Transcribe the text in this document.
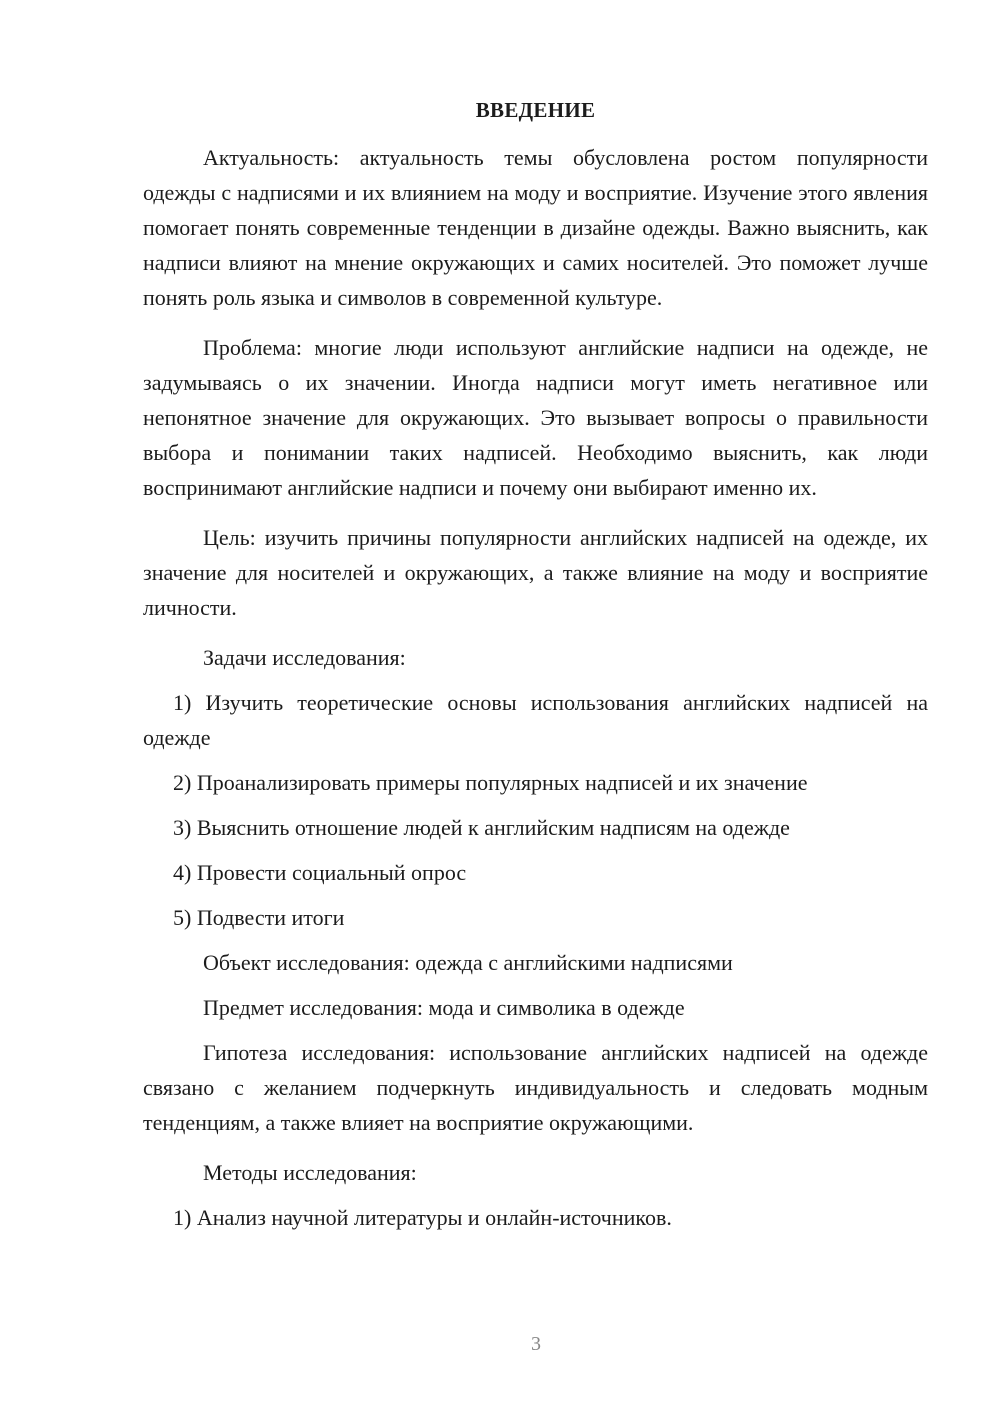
ВВЕДЕНИЕ

Актуальность: актуальность темы обусловлена ростом популярности одежды с надписями и их влиянием на моду и восприятие. Изучение этого явления помогает понять современные тенденции в дизайне одежды. Важно выяснить, как надписи влияют на мнение окружающих и самих носителей. Это поможет лучше понять роль языка и символов в современной культуре.

Проблема: многие люди используют английские надписи на одежде, не задумываясь о их значении. Иногда надписи могут иметь негативное или непонятное значение для окружающих. Это вызывает вопросы о правильности выбора и понимании таких надписей. Необходимо выяснить, как люди воспринимают английские надписи и почему они выбирают именно их.

Цель: изучить причины популярности английских надписей на одежде, их значение для носителей и окружающих, а также влияние на моду и восприятие личности.

Задачи исследования:

1) Изучить теоретические основы использования английских надписей на одежде

2) Проанализировать примеры популярных надписей и их значение

3) Выяснить отношение людей к английским надписям на одежде

4) Провести социальный опрос

5) Подвести итоги

Объект исследования: одежда с английскими надписями

Предмет исследования: мода и символика в одежде

Гипотеза исследования: использование английских надписей на одежде связано с желанием подчеркнуть индивидуальность и следовать модным тенденциям, а также влияет на восприятие окружающими.

Методы исследования:

1) Анализ научной литературы и онлайн-источников.

3
